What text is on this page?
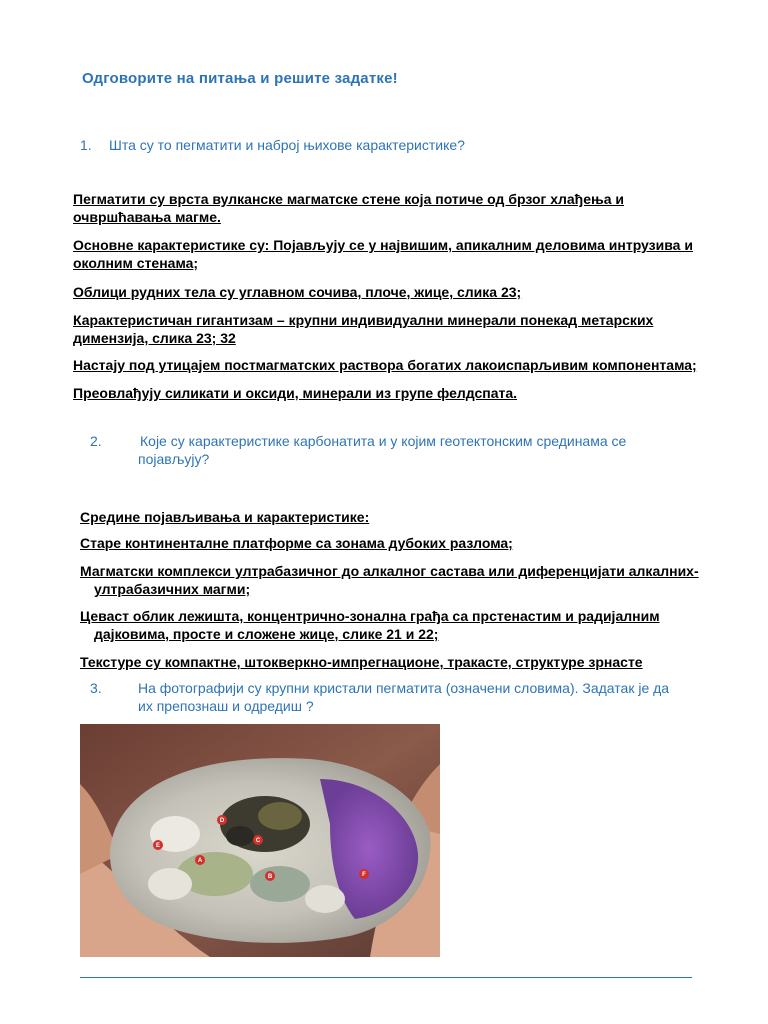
Одговорите на питања и решите задатке!
1. Шта су то пегматити и наброј њихове карактеристике?
Пегматити су врста вулканске магматске стене која потиче од брзог хлађења и
очвршћавања магме.
Основне карактеристике су: Појављују се у највишим, апикалним деловима интрузива и
околним стенама;
Облици рудних тела су углавном сочива, плоче, жице, слика 23;
Карактеристичан гигантизам – крупни индивидуални минерали понекад метарских
димензија, слика 23; 32
Настају под утицајем постмагматских раствора богатих лакоиспарљивим компонентама;
Преовлађују силикати и оксиди, минерали из групе фелдспата.
2.	Које су карактеристике карбонатита и у којим геотектонским срединама се
појављују?
Средине појављивања и карактеристике:
Старе континенталне платформе са зонама дубоких разлома;
Магматски комплекси ултрабазичног до алкалног састава или диференцијати алкалних-
ултрабазичних магми;
Цеваст облик лежишта, концентрично-зонална грађа са прстенастим и радијалним
дајковима, просте и сложене жице, слике 21 и 22;
Текстуре су компактне, штокверкно-импрегнационе, тракасте, структуре зрнасте
3.	На фотографији су крупни кристали пегматита (означени словима). Задатак је да
их препознаш и одредиш ?
D
C
E
A
B	F
